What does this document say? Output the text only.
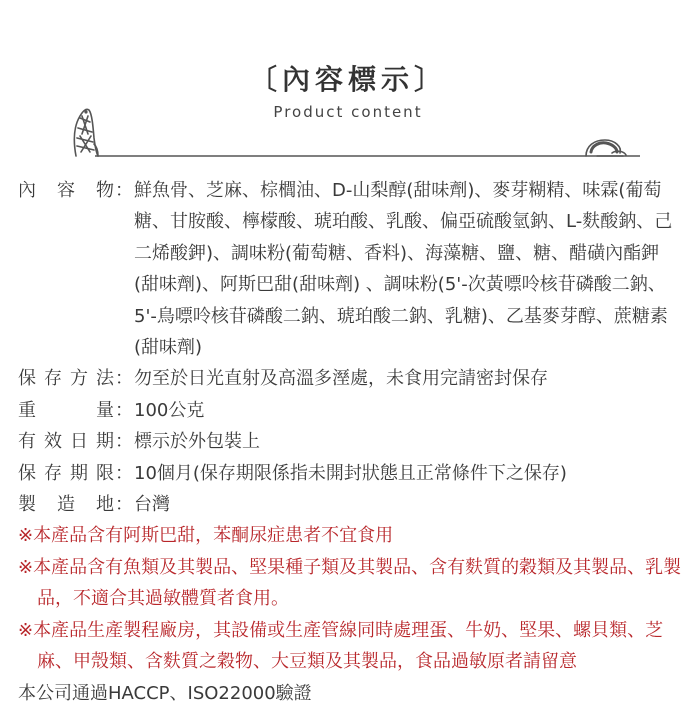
〔內容標示〕
Product content
內容物 ： 鮮魚骨、芝麻、棕櫚油、D-山梨醇(甜味劑)、麥芽糊精、味霖(葡萄糖、甘胺酸、檸檬酸、琥珀酸、乳酸、偏亞硫酸氫鈉、L-麩酸鈉、己二烯酸鉀)、調味粉(葡萄糖、香料)、海藻糖、鹽、糖、醋磺內酯鉀(甜味劑)、阿斯巴甜(甜味劑) 、調味粉(5'-次黃嘌呤核苷磷酸二鈉、5'-鳥嘌呤核苷磷酸二鈉、琥珀酸二鈉、乳糖)、乙基麥芽醇、蔗糖素(甜味劑)
保存方法 ： 勿至於日光直射及高溫多溼處，未食用完請密封保存
重量 ： 100公克
有效日期 ： 標示於外包裝上
保存期限 ： 10個月(保存期限係指未開封狀態且正常條件下之保存)
製造地 ： 台灣
※本產品含有阿斯巴甜，苯酮尿症患者不宜食用
※本產品含有魚類及其製品、堅果種子類及其製品、含有麩質的穀類及其製品、乳製品，不適合其過敏體質者食用。
※本產品生產製程廠房，其設備或生產管線同時處理蛋、牛奶、堅果、螺貝類、芝麻、甲殼類、含麩質之穀物、大豆類及其製品，食品過敏原者請留意
本公司通過HACCP、ISO22000驗證
